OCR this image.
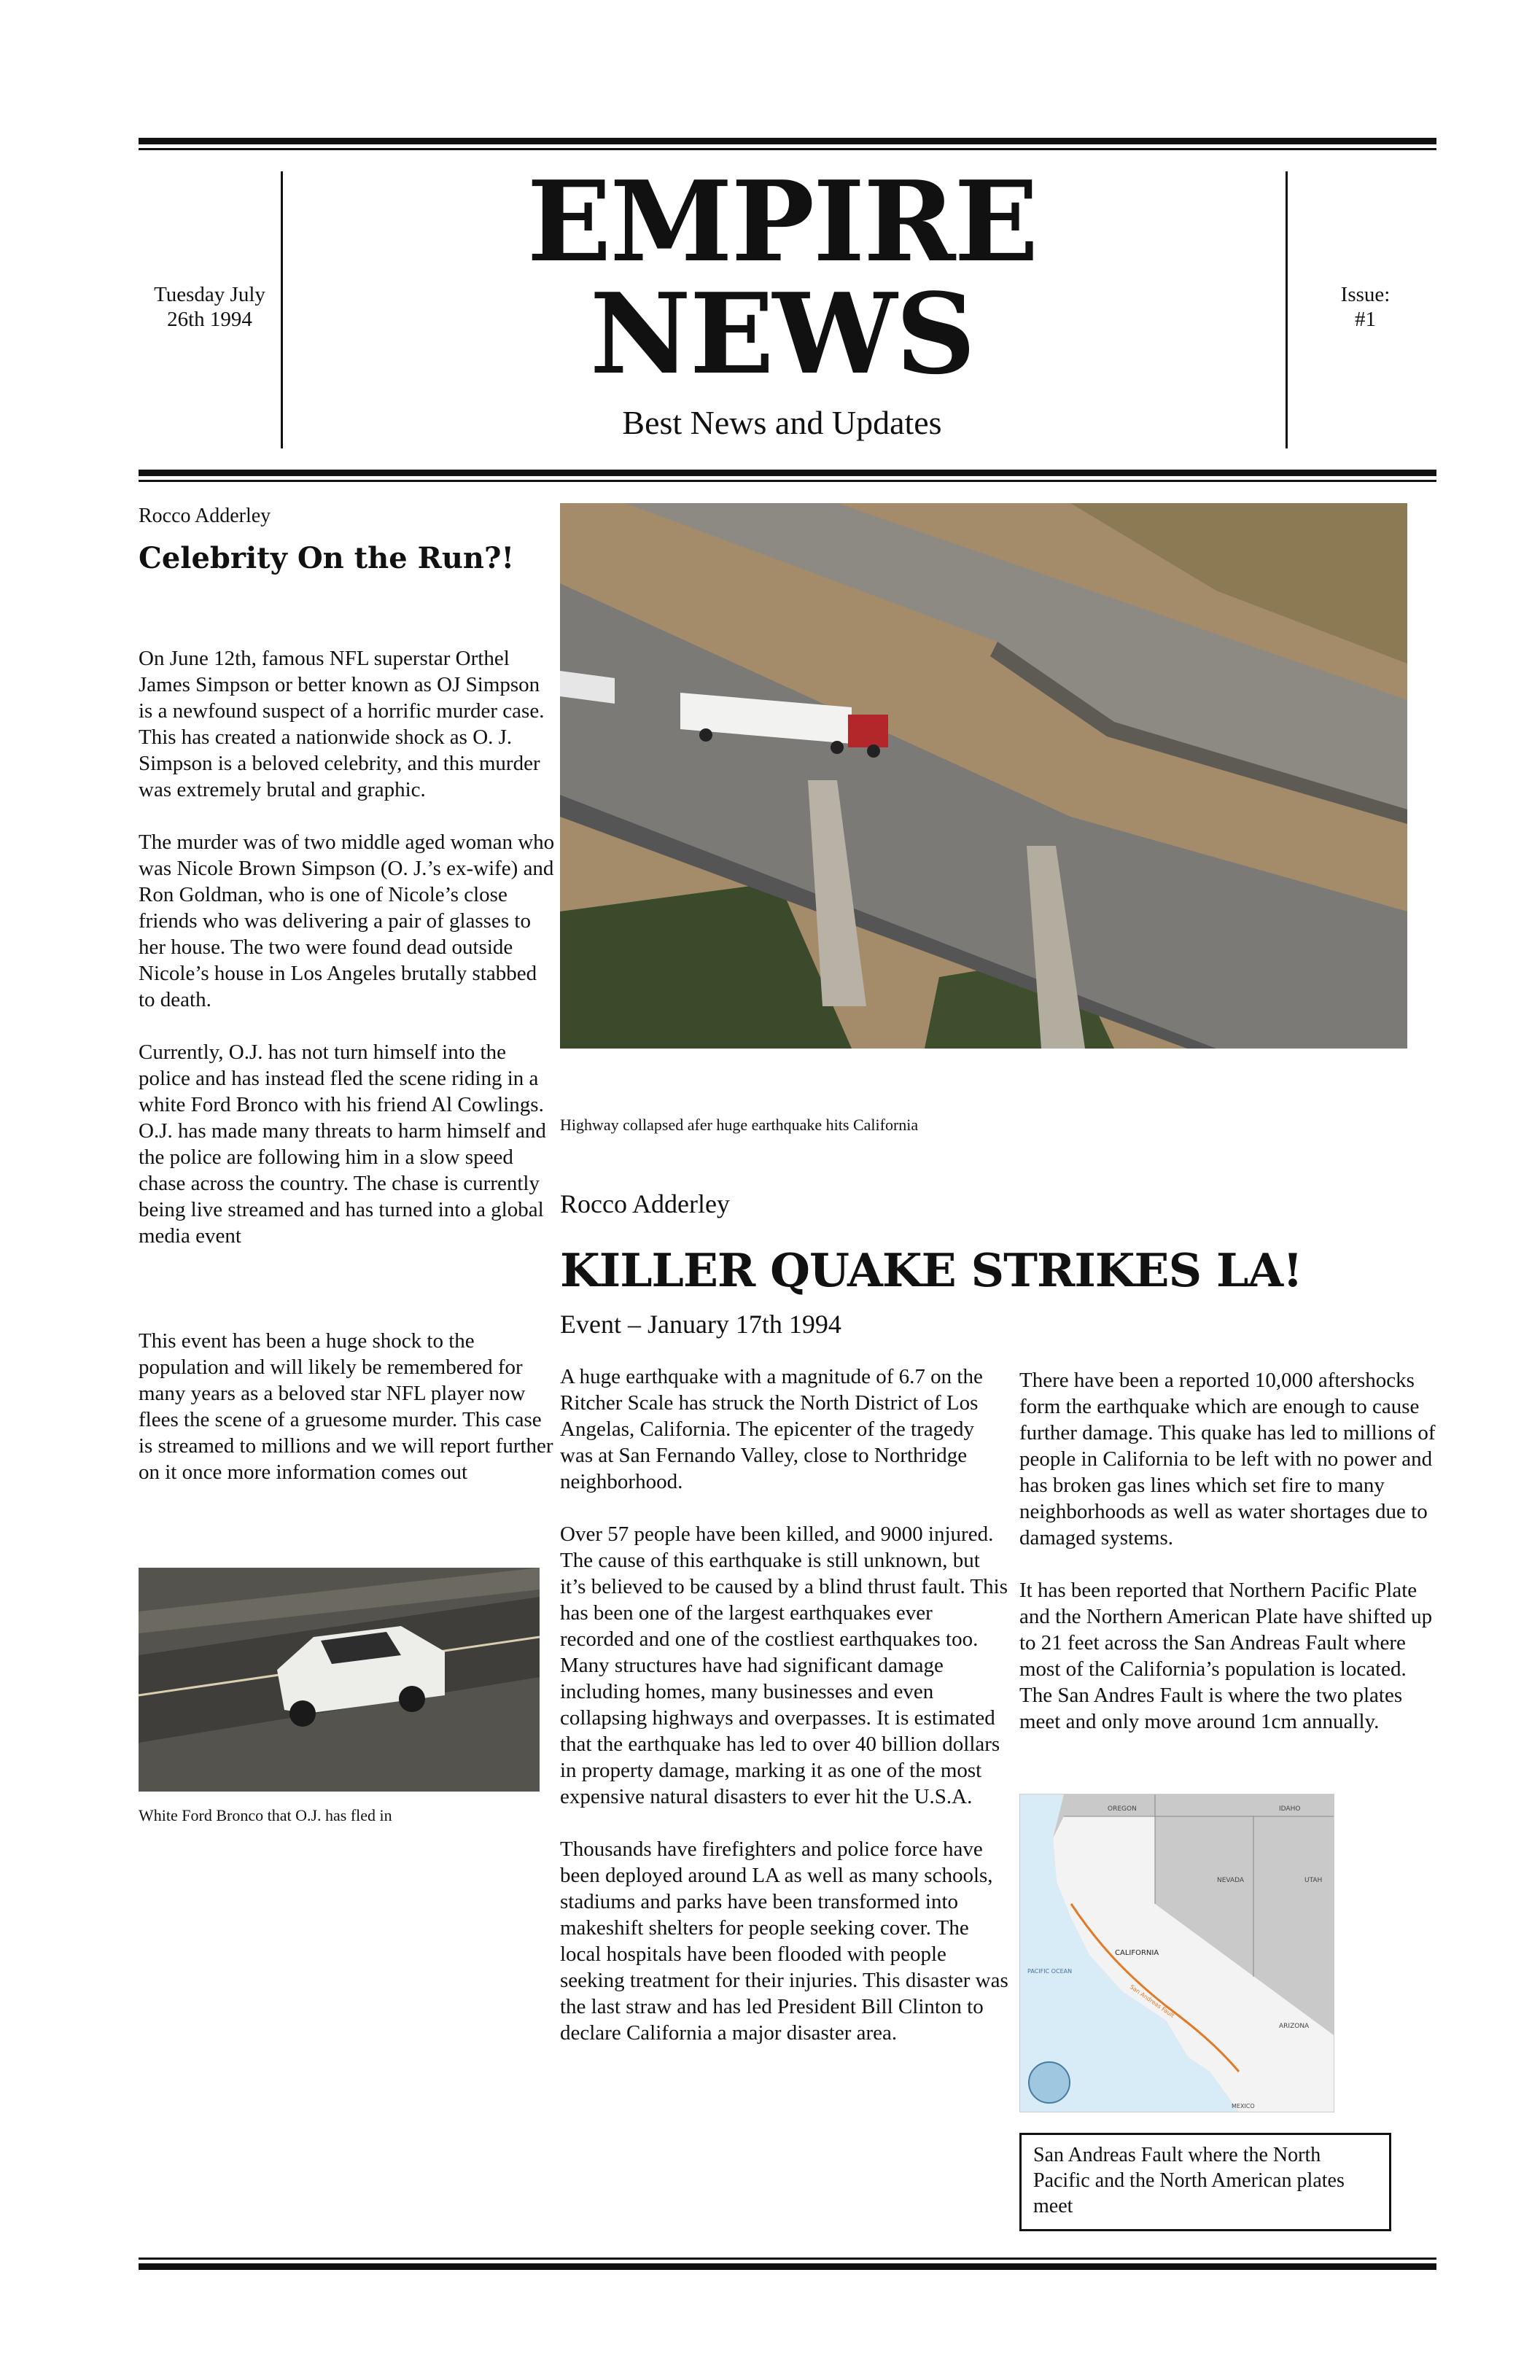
Tuesday July
26th 1994
EMPIRE
NEWS
Best News and Updates
Issue:
#1
Rocco Adderley
Celebrity On the Run?!

On June 12th, famous NFL superstar Orthel James Simpson or better known as OJ Simpson is a newfound suspect of a horrific murder case. This has created a nationwide shock as O. J. Simpson is a beloved celebrity, and this murder was extremely brutal and graphic.

The murder was of two middle aged woman who was Nicole Brown Simpson (O. J.’s ex-wife) and Ron Goldman, who is one of Nicole’s close friends who was delivering a pair of glasses to her house. The two were found dead outside Nicole’s house in Los Angeles brutally stabbed to death.

Currently, O.J. has not turn himself into the police and has instead fled the scene riding in a white Ford Bronco with his friend Al Cowlings. O.J. has made many threats to harm himself and the police are following him in a slow speed chase across the country. The chase is currently being live streamed and has turned into a global media event

This event has been a huge shock to the population and will likely be remembered for many years as a beloved star NFL player now flees the scene of a gruesome murder. This case is streamed to millions and we will report further on it once more information comes out

White Ford Bronco that O.J. has fled in
Highway collapsed afer huge earthquake hits California
Rocco Adderley
KILLER QUAKE STRIKES LA!
Event – January 17th 1994

A huge earthquake with a magnitude of 6.7 on the Ritcher Scale has struck the North District of Los Angelas, California. The epicenter of the tragedy was at San Fernando Valley, close to Northridge neighborhood.

Over 57 people have been killed, and 9000 injured. The cause of this earthquake is still unknown, but it’s believed to be caused by a blind thrust fault. This has been one of the largest earthquakes ever recorded and one of the costliest earthquakes too. Many structures have had significant damage including homes, many businesses and even collapsing highways and overpasses. It is estimated that the earthquake has led to over 40 billion dollars in property damage, marking it as one of the most expensive natural disasters to ever hit the U.S.A.

Thousands have firefighters and police force have been deployed around LA as well as many schools, stadiums and parks have been transformed into makeshift shelters for people seeking cover. The local hospitals have been flooded with people seeking treatment for their injuries. This disaster was the last straw and has led President Bill Clinton to declare California a major disaster area.

There have been a reported 10,000 aftershocks form the earthquake which are enough to cause further damage. This quake has led to millions of people in California to be left with no power and has broken gas lines which set fire to many neighborhoods as well as water shortages due to damaged systems.

It has been reported that Northern Pacific Plate and the Northern American Plate have shifted up to 21 feet across the San Andreas Fault where most of the California’s population is located. The San Andres Fault is where the two plates meet and only move around 1cm annually.

OREGON	IDAHO
NEVADA	UTAH
CALIFORNIA
PACIFIC OCEAN
ARIZONA
MEXICO
San Andreas Fault
San Andreas Fault where the North Pacific and the North American plates meet
